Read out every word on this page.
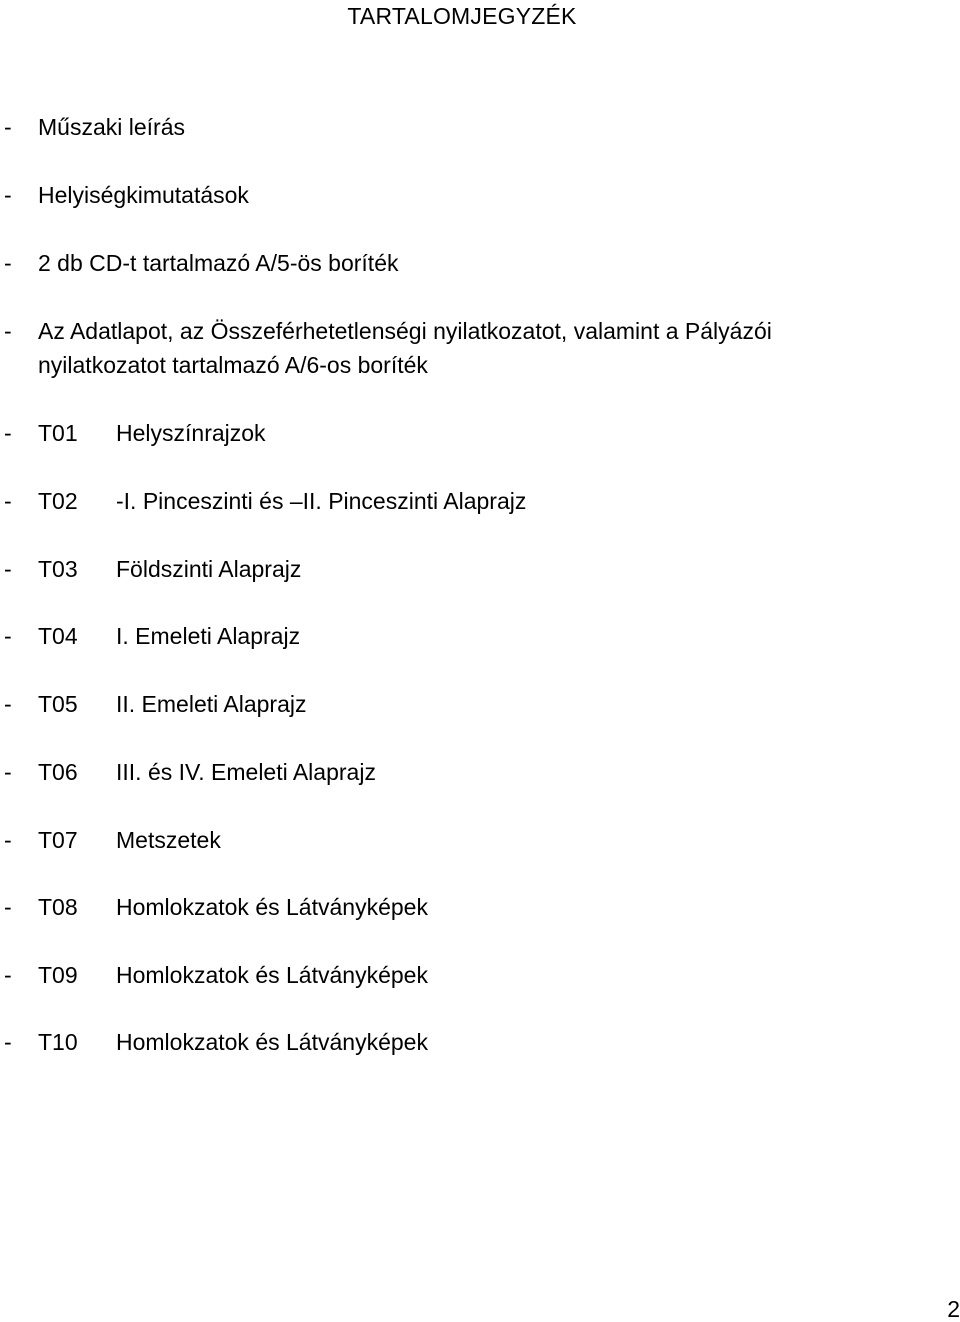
TARTALOMJEGYZÉK
- Műszaki leírás
- Helyiségkimutatások
- 2 db CD-t tartalmazó A/5-ös boríték
- Az Adatlapot, az Összeférhetetlenségi nyilatkozatot, valamint a Pályázói nyilatkozatot tartalmazó A/6-os boríték
- T01 Helyszínrajzok
- T02 -I. Pinceszinti és –II. Pinceszinti Alaprajz
- T03 Földszinti Alaprajz
- T04 I. Emeleti Alaprajz
- T05 II. Emeleti Alaprajz
- T06 III. és IV. Emeleti Alaprajz
- T07 Metszetek
- T08 Homlokzatok és Látványképek
- T09 Homlokzatok és Látványképek
- T10 Homlokzatok és Látványképek
2
